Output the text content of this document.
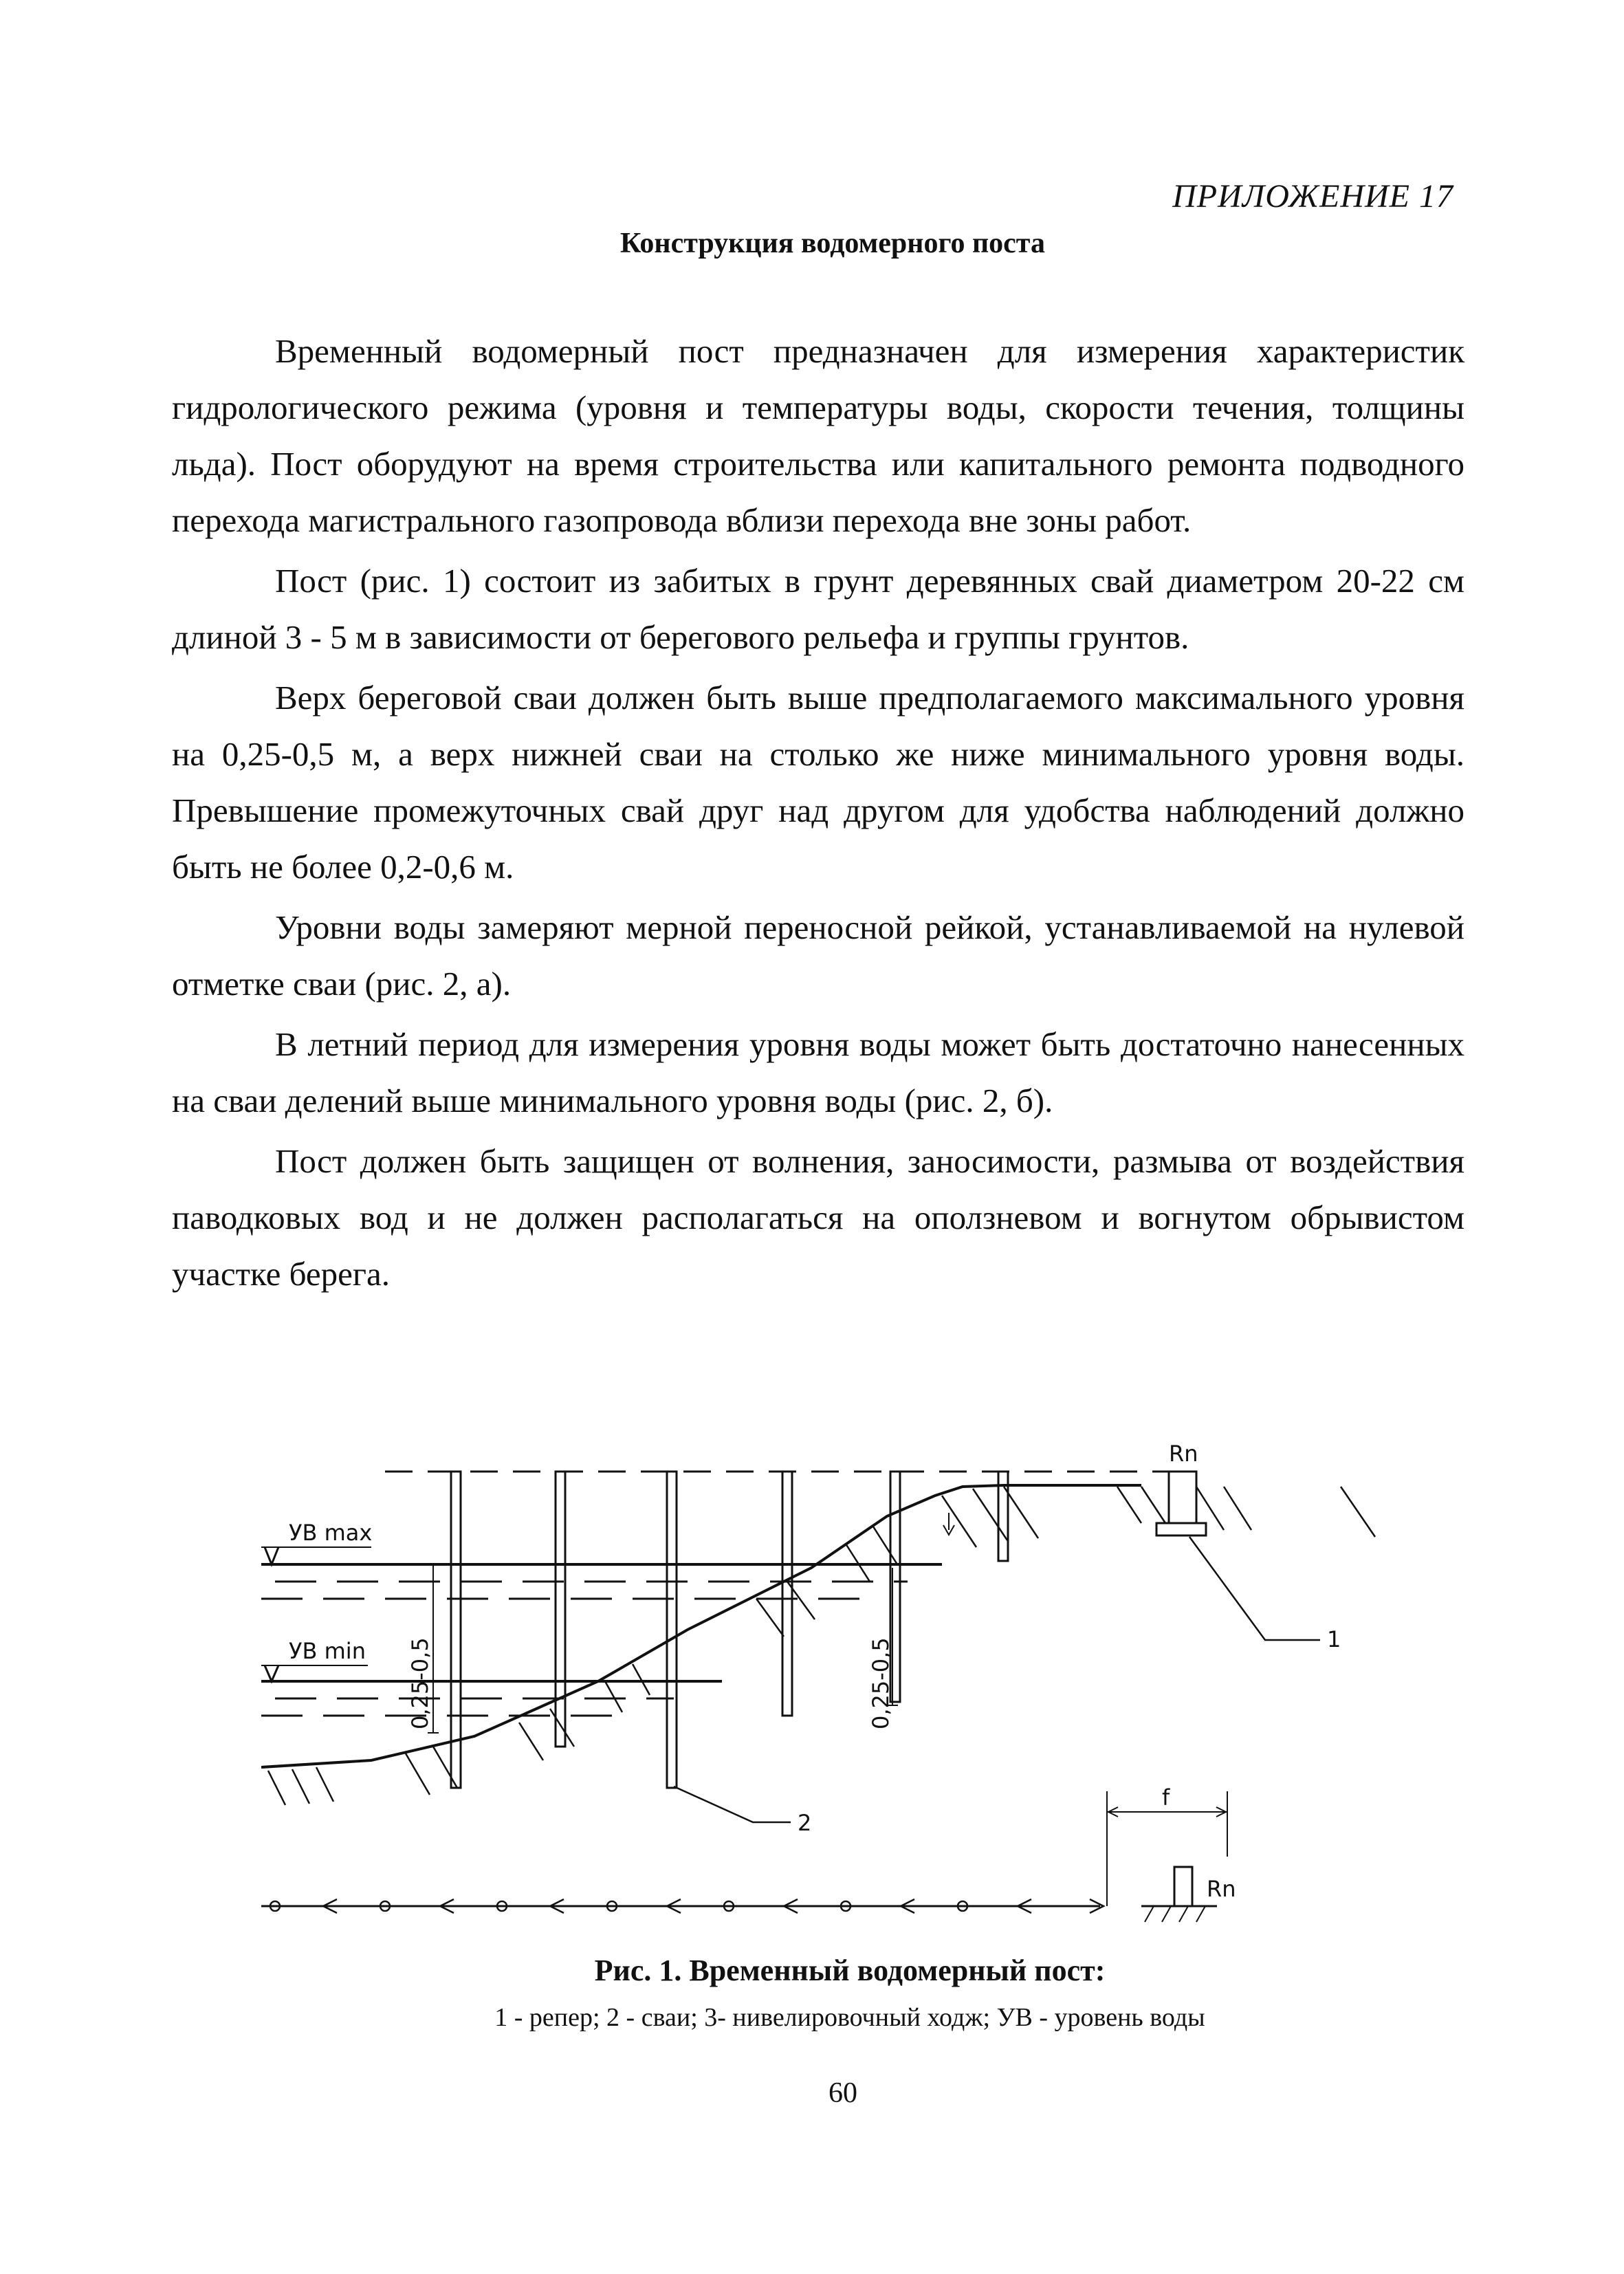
ПРИЛОЖЕНИЕ 17
Конструкция водомерного поста

Временный водомерный пост предназначен для измерения характеристик гидрологического режима (уровня и температуры воды, скорости течения, толщины льда). Пост оборудуют на время строительства или капитального ремонта подводного перехода магистрального газопровода вблизи перехода вне зоны работ.

Пост (рис. 1) состоит из забитых в грунт деревянных свай диаметром 20-22 см длиной 3 - 5 м в зависимости от берегового рельефа и группы грунтов.

Верх береговой сваи должен быть выше предполагаемого максимального уровня на 0,25-0,5 м, а верх нижней сваи на столько же ниже минимального уровня воды. Превышение промежуточных свай друг над другом для удобства наблюдений должно быть не более 0,2-0,6 м.

Уровни воды замеряют мерной переносной рейкой, устанавливаемой на нулевой отметке сваи (рис. 2, а).

В летний период для измерения уровня воды может быть достаточно нанесенных на сваи делений выше минимального уровня воды (рис. 2, б).

Пост должен быть защищен от волнения, заносимости, размыва от воздействия паводковых вод и не должен располагаться на оползневом и вогнутом обрывистом участке берега.

УВ max
УВ min 0,25-0,5	0,25-0,5
Rn
1
2
f
Rn
Рис. 1. Временный водомерный пост:
1 - репер; 2 - сваи; 3- нивелировочный ходж; УВ - уровень воды
60
